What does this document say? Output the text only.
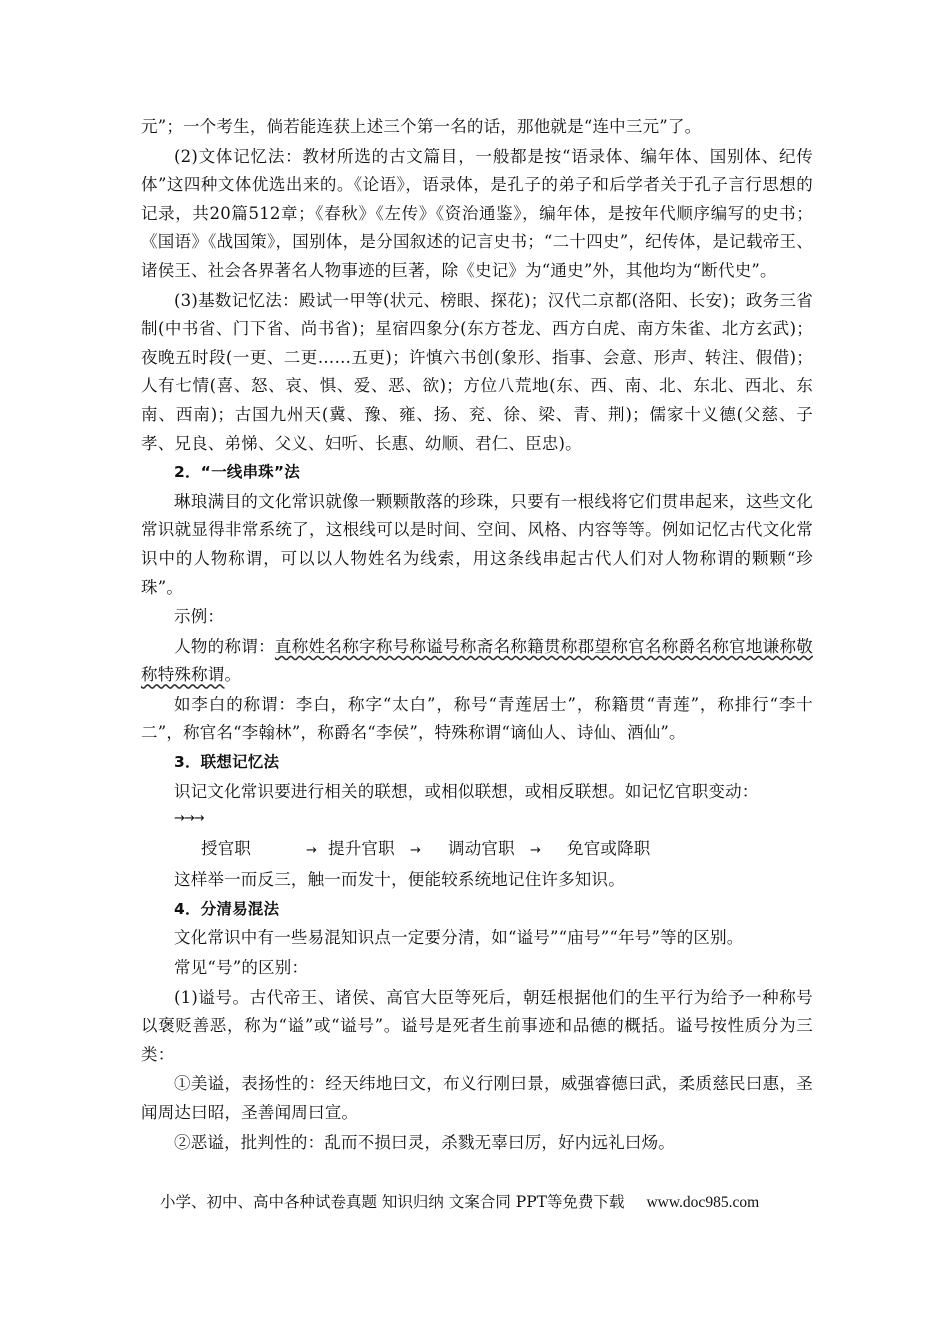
元”；一个考生，倘若能连获上述三个第一名的话，那他就是“连中三元”了。

(2)文体记忆法：教材所选的古文篇目，一般都是按“语录体、编年体、国别体、纪传体”这四种文体优选出来的。《论语》，语录体，是孔子的弟子和后学者关于孔子言行思想的记录，共20篇512章；《春秋》《左传》《资治通鉴》，编年体，是按年代顺序编写的史书；《国语》《战国策》，国别体，是分国叙述的记言史书；“二十四史”，纪传体，是记载帝王、诸侯王、社会各界著名人物事迹的巨著，除《史记》为“通史”外，其他均为“断代史”。

(3)基数记忆法：殿试一甲等(状元、榜眼、探花)；汉代二京都(洛阳、长安)；政务三省制(中书省、门下省、尚书省)；星宿四象分(东方苍龙、西方白虎、南方朱雀、北方玄武)；夜晚五时段(一更、二更……五更)；许慎六书创(象形、指事、会意、形声、转注、假借)；人有七情(喜、怒、哀、惧、爱、恶、欲)；方位八荒地(东、西、南、北、东北、西北、东南、西南)；古国九州天(冀、豫、雍、扬、兖、徐、梁、青、荆)；儒家十义德(父慈、子孝、兄良、弟悌、父义、妇听、长惠、幼顺、君仁、臣忠)。

2．“一线串珠”法

琳琅满目的文化常识就像一颗颗散落的珍珠，只要有一根线将它们贯串起来，这些文化常识就显得非常系统了，这根线可以是时间、空间、风格、内容等等。例如记忆古代文化常识中的人物称谓，可以以人物姓名为线索，用这条线串起古代人们对人物称谓的颗颗“珍珠”。

示例：

人物的称谓：直称姓名称字称号称谥号称斋名称籍贯称郡望称官名称爵名称官地谦称敬称特殊称谓。

如李白的称谓：李白，称字“太白”，称号“青莲居士”，称籍贯“青莲”，称排行“李十二”，称官名“李翰林”，称爵名“李侯”，特殊称谓“谪仙人、诗仙、酒仙”。

3．联想记忆法

识记文化常识要进行相关的联想，或相似联想，或相反联想。如记忆官职变动：

→→→

授官职	→ 提升官职 → 调动官职 → 免官或降职

这样举一而反三，触一而发十，便能较系统地记住许多知识。

4．分清易混法

文化常识中有一些易混知识点一定要分清，如“谥号”“庙号”“年号”等的区别。

常见“号”的区别：

(1)谥号。古代帝王、诸侯、高官大臣等死后，朝廷根据他们的生平行为给予一种称号以褒贬善恶，称为“谥”或“谥号”。谥号是死者生前事迹和品德的概括。谥号按性质分为三类：

①美谥，表扬性的：经天纬地曰文，布义行刚曰景，威强睿德曰武，柔质慈民曰惠，圣闻周达曰昭，圣善闻周曰宣。

②恶谥，批判性的：乱而不损曰灵，杀戮无辜曰厉，好内远礼曰炀。

小学、初中、高中各种试卷真题 知识归纳 文案合同 PPT等免费下载 www.doc985.com
